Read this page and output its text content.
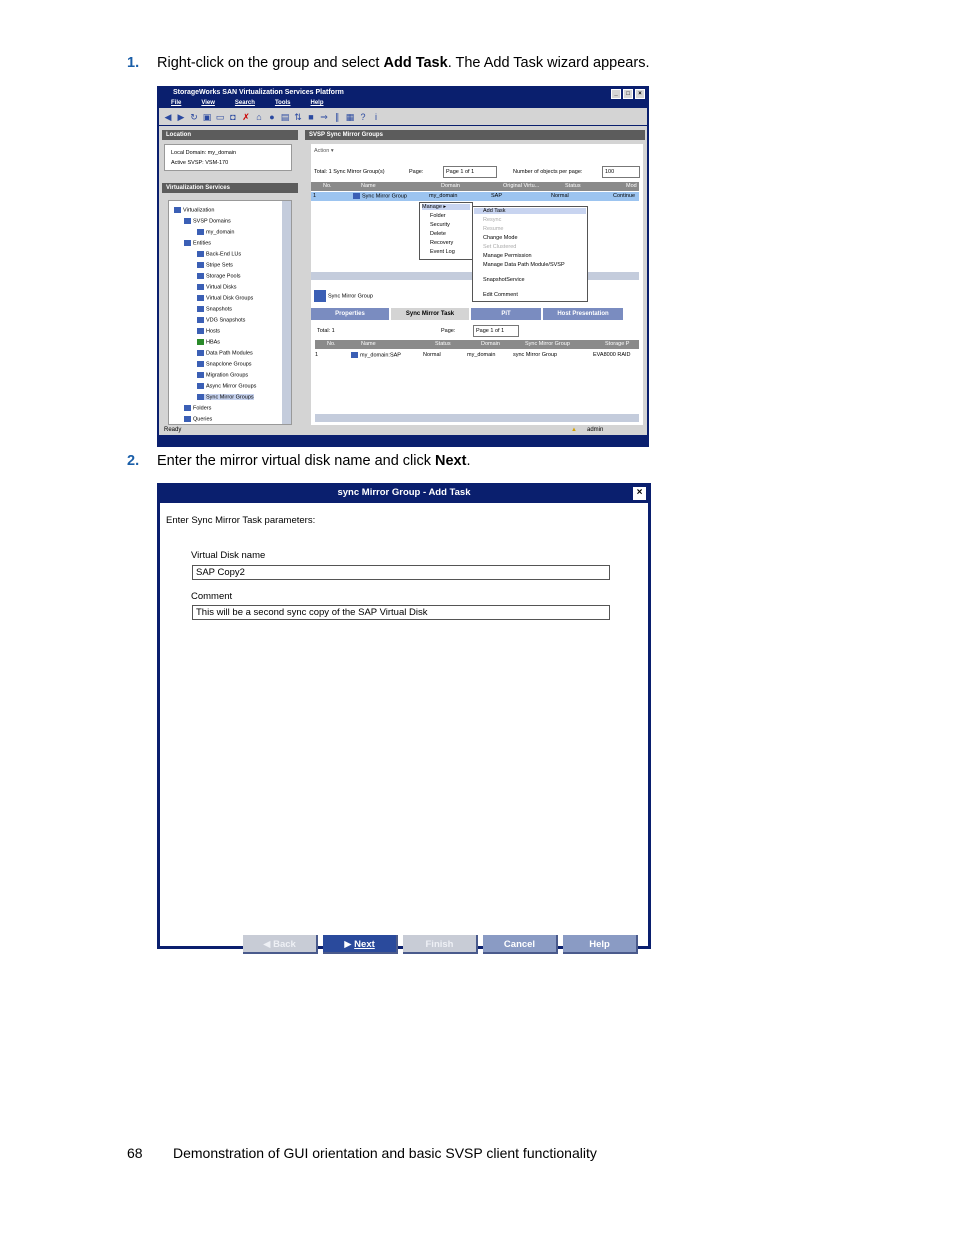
1.	Right-click on the group and select Add Task. The Add Task wizard appears.
StorageWorks SAN Virtualization Services Platform	_	□	×
File	View	Search	Tools	Help
◀ ▶ ↻ ▣ ▭ ◘ ✗ ⌂ ● ▤ ⇅ ■ ⇒ ∥ ▦ ?	i
Location
Local Domain: my_domain
Active SVSP: VSM-170
Virtualization Services
Virtualization
SVSP Domains
my_domain
Entities
Back-End LUs
Stripe Sets
Storage Pools
Virtual Disks
Virtual Disk Groups
Snapshots
VDG Snapshots
Hosts
HBAs
Data Path Modules
Snapclone Groups
Migration Groups
Async Mirror Groups
Sync Mirror Groups
Folders
Queries
SVSP Sync Mirror Groups
Action ▾
Total: 1 Sync Mirror Group(s)	Page:	Page 1 of 1	Number of objects per page:	100
No.	Name	Domain	Original Virtu...	Status	Mod
1	Sync Mirror Group	my_domain	SAP	Normal	Continue
Manage ▸
Folder
Security
Delete
Recovery
Event Log
Add Task
Resync
Resume
Change Mode
Set Clustered
Manage Permission
Manage Data Path Module/SVSP
SnapshotService
Edit Comment
Sync Mirror Group
Properties	Sync Mirror Task	PiT	Host Presentation
Total: 1	Page:	Page 1 of 1
No.	Name	Status	Domain	Sync Mirror Group	Storage P
1	my_domain:SAP	Normal	my_domain	sync Mirror Group	EVA8000 RAID
Ready	▲ admin
2.	Enter the mirror virtual disk name and click Next.
sync Mirror Group - Add Task	×
Enter Sync Mirror Task parameters:
Virtual Disk name
SAP Copy2
Comment
This will be a second sync copy of the SAP Virtual Disk
◀ Back	▶ Next	Finish	Cancel	Help
68	Demonstration of GUI orientation and basic SVSP client functionality
